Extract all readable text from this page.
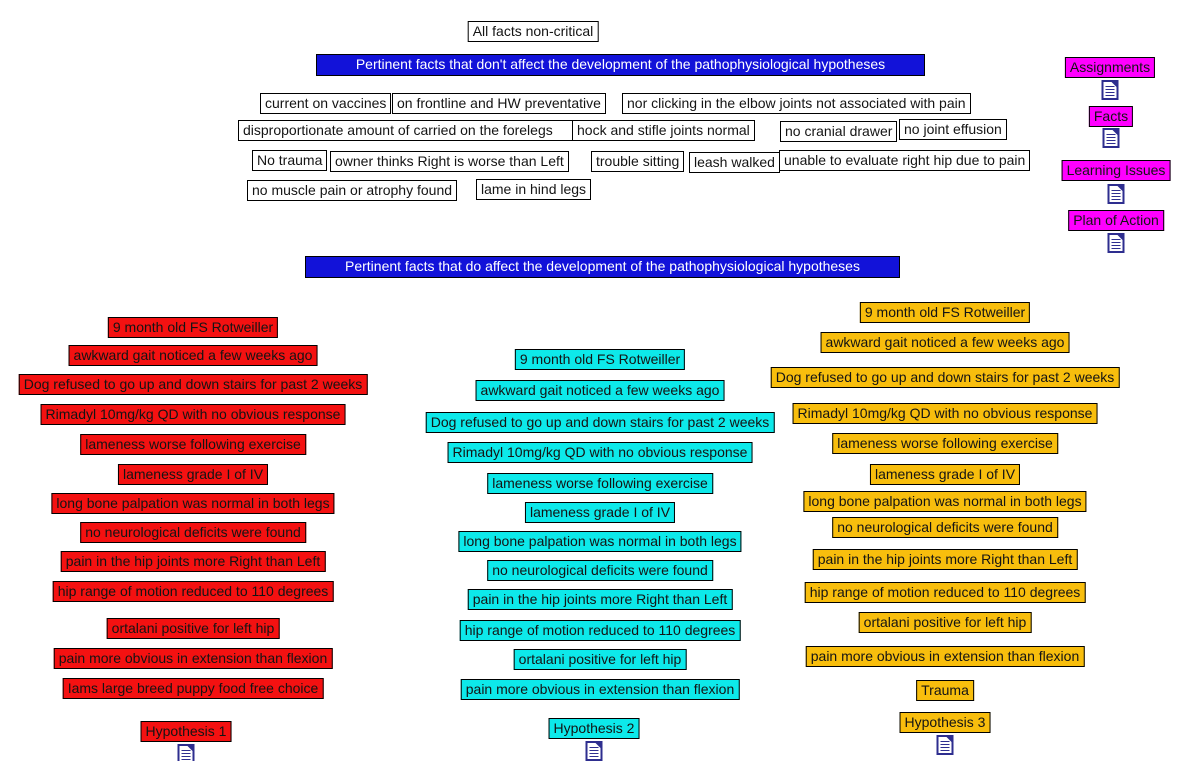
All facts non-critical
Pertinent facts that don't affect the development of the pathophysiological hypotheses
Pertinent facts that do affect the development of the pathophysiological hypotheses
current on vaccines on frontline and HW preventative	nor clicking in the elbow joints not associated with pain
disproportionate amount of carried on the forelegs	hock and stifle joints normal	no cranial drawer no joint effusion
No trauma owner thinks Right is worse than Left	trouble sitting	leash walked unable to evaluate right hip due to pain
no muscle pain or atrophy found	lame in hind legs
Assignments
Facts
Learning Issues
Plan of Action
9 month old FS Rotweiller
awkward gait noticed a few weeks ago
Dog refused to go up and down stairs for past 2 weeks
Rimadyl 10mg/kg QD with no obvious response
lameness worse following exercise
lameness grade I of IV
long bone palpation was normal in both legs
no neurological deficits were found
pain in the hip joints more Right than Left
hip range of motion reduced to 110 degrees
ortalani positive for left hip
pain more obvious in extension than flexion
Iams large breed puppy food free choice
Hypothesis 1
9 month old FS Rotweiller
awkward gait noticed a few weeks ago
Dog refused to go up and down stairs for past 2 weeks
Rimadyl 10mg/kg QD with no obvious response
lameness worse following exercise
lameness grade I of IV
long bone palpation was normal in both legs
no neurological deficits were found
pain in the hip joints more Right than Left
hip range of motion reduced to 110 degrees
ortalani positive for left hip
pain more obvious in extension than flexion
Hypothesis 2
9 month old FS Rotweiller
awkward gait noticed a few weeks ago
Dog refused to go up and down stairs for past 2 weeks
Rimadyl 10mg/kg QD with no obvious response
lameness worse following exercise
lameness grade I of IV
long bone palpation was normal in both legs
no neurological deficits were found
pain in the hip joints more Right than Left
hip range of motion reduced to 110 degrees
ortalani positive for left hip
pain more obvious in extension than flexion
Trauma
Hypothesis 3
